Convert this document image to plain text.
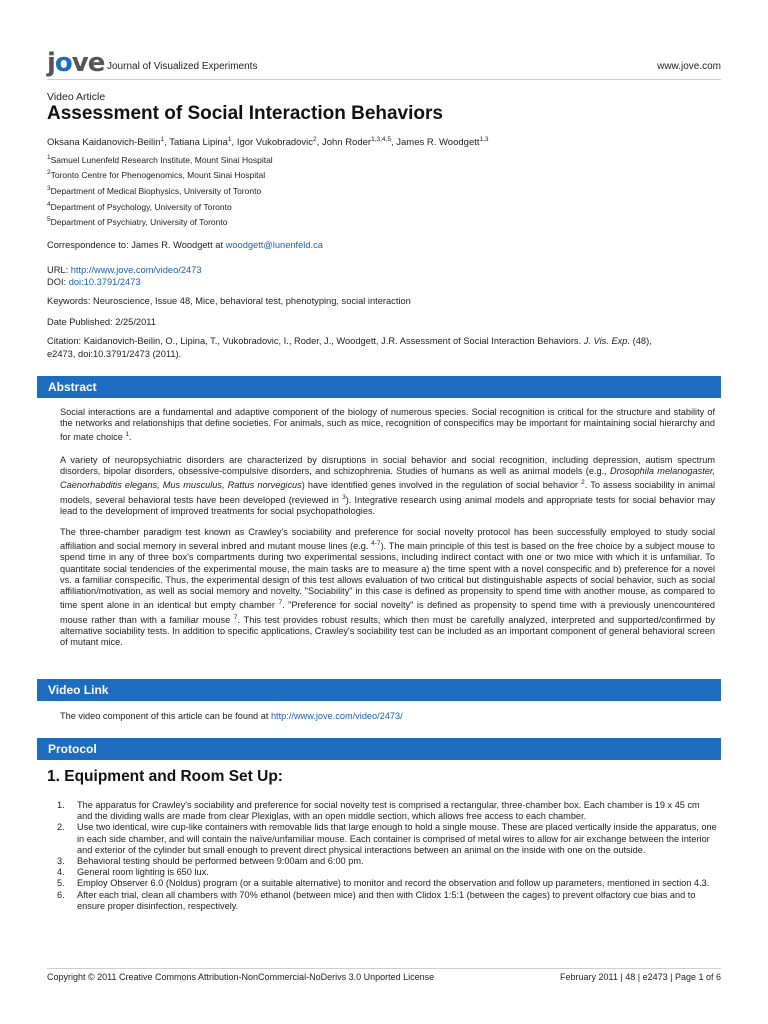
jove Journal of Visualized Experiments	www.jove.com
Video Article
Assessment of Social Interaction Behaviors
Oksana Kaidanovich-Beilin$^1$, Tatiana Lipina$^1$, Igor Vukobradovic$^2$, John Roder$^{1,3,4,5}$, James R. Woodgett$^{1,3}$
$^1$Samuel Lunenfeld Research Institute, Mount Sinai Hospital
$^2$Toronto Centre for Phenogenomics, Mount Sinai Hospital
$^3$Department of Medical Biophysics, University of Toronto
$^4$Department of Psychology, University of Toronto
$^5$Department of Psychiatry, University of Toronto
Correspondence to: James R. Woodgett at woodgett@lunenfeld.ca
URL: http://www.jove.com/video/2473
DOI: doi:10.3791/2473
Keywords: Neuroscience, Issue 48, Mice, behavioral test, phenotyping, social interaction
Date Published: 2/25/2011
Citation: Kaidanovich-Beilin, O., Lipina, T., Vukobradovic, I., Roder, J., Woodgett, J.R. Assessment of Social Interaction Behaviors. J. Vis. Exp. (48),
e2473, doi:10.3791/2473 (2011).
Abstract
Social interactions are a fundamental and adaptive component of the biology of numerous species. Social recognition is critical for the structure and stability of the networks and relationships that define societies. For animals, such as mice, recognition of conspecifics may be important for maintaining social hierarchy and for mate choice $^1$.
A variety of neuropsychiatric disorders are characterized by disruptions in social behavior and social recognition, including depression, autism spectrum disorders, bipolar disorders, obsessive-compulsive disorders, and schizophrenia. Studies of humans as well as animal models (e.g., Drosophila melanogaster, Caenorhabditis elegans, Mus musculus, Rattus norvegicus) have identified genes involved in the regulation of social behavior $^2$. To assess sociability in animal models, several behavioral tests have been developed (reviewed in $^3$). Integrative research using animal models and appropriate tests for social behavior may lead to the development of improved treatments for social psychopathologies.
The three-chamber paradigm test known as Crawley's sociability and preference for social novelty protocol has been successfully employed to study social affiliation and social memory in several inbred and mutant mouse lines (e.g. $^{4-7}$). The main principle of this test is based on the free choice by a subject mouse to spend time in any of three box's compartments during two experimental sessions, including indirect contact with one or two mice with which it is unfamiliar. To quantitate social tendencies of the experimental mouse, the main tasks are to measure a) the time spent with a novel conspecific and b) preference for a novel vs. a familiar conspecific. Thus, the experimental design of this test allows evaluation of two critical but distinguishable aspects of social behavior, such as social affiliation/motivation, as well as social memory and novelty. "Sociability" in this case is defined as propensity to spend time with another mouse, as compared to time spent alone in an identical but empty chamber $^7$. "Preference for social novelty" is defined as propensity to spend time with a previously unencountered mouse rather than with a familiar mouse $^7$. This test provides robust results, which then must be carefully analyzed, interpreted and supported/confirmed by alternative sociability tests. In addition to specific applications, Crawley's sociability test can be included as an important component of general behavioral screen of mutant mice.
Video Link
The video component of this article can be found at http://www.jove.com/video/2473/
Protocol
1. Equipment and Room Set Up:
1. The apparatus for Crawley's sociability and preference for social novelty test is comprised a rectangular, three-chamber box. Each chamber is 19 x 45 cm and the dividing walls are made from clear Plexiglas, with an open middle section, which allows free access to each chamber.
2. Use two identical, wire cup-like containers with removable lids that large enough to hold a single mouse. These are placed vertically inside the apparatus, one in each side chamber, and will contain the naïve/unfamiliar mouse. Each container is comprised of metal wires to allow for air exchange between the interior and exterior of the cylinder but small enough to prevent direct physical interactions between an animal on the inside with one on the outside.
3. Behavioral testing should be performed between 9:00am and 6:00 pm.
4. General room lighting is 650 lux.
5. Employ Observer 6.0 (Noldus) program (or a suitable alternative) to monitor and record the observation and follow up parameters, mentioned in section 4.3.
6. After each trial, clean all chambers with 70% ethanol (between mice) and then with Clidox 1:5:1 (between the cages) to prevent olfactory cue bias and to ensure proper disinfection, respectively.
Copyright © 2011 Creative Commons Attribution-NonCommercial-NoDerivs 3.0 Unported License	February 2011 | 48 | e2473 | Page 1 of 6
